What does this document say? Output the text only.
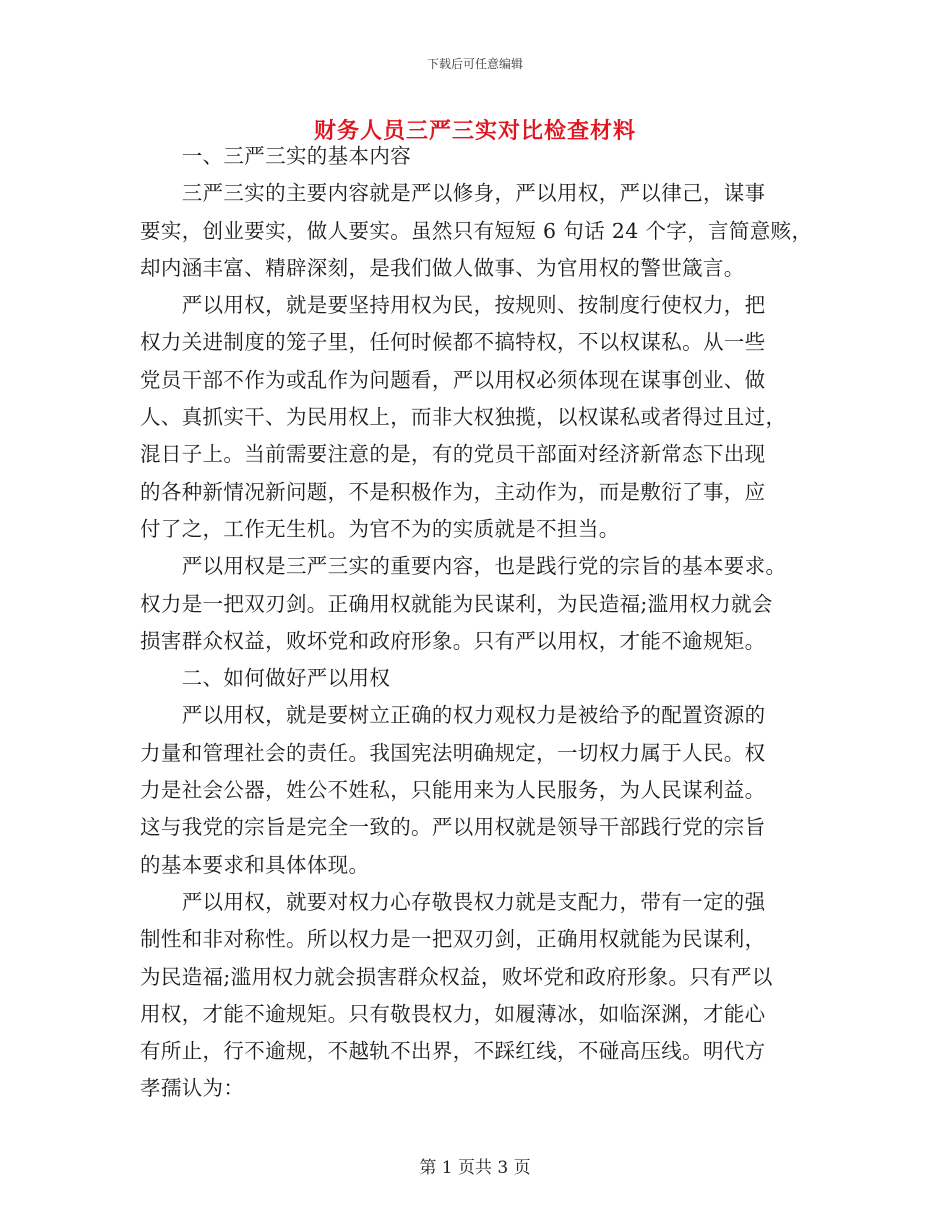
下载后可任意编辑
财务人员三严三实对比检查材料
　　一、三严三实的基本内容
　　三严三实的主要内容就是严以修身，严以用权，严以律己，谋事
要实，创业要实，做人要实。虽然只有短短 6 句话 24 个字，言简意赅，
却内涵丰富、精辟深刻，是我们做人做事、为官用权的警世箴言。
　　严以用权，就是要坚持用权为民，按规则、按制度行使权力，把
权力关进制度的笼子里，任何时候都不搞特权，不以权谋私。从一些
党员干部不作为或乱作为问题看，严以用权必须体现在谋事创业、做
人、真抓实干、为民用权上，而非大权独揽，以权谋私或者得过且过，
混日子上。当前需要注意的是，有的党员干部面对经济新常态下出现
的各种新情况新问题，不是积极作为，主动作为，而是敷衍了事，应
付了之，工作无生机。为官不为的实质就是不担当。
　　严以用权是三严三实的重要内容，也是践行党的宗旨的基本要求。
权力是一把双刃剑。正确用权就能为民谋利，为民造福;滥用权力就会
损害群众权益，败坏党和政府形象。只有严以用权，才能不逾规矩。
　　二、如何做好严以用权
　　严以用权，就是要树立正确的权力观权力是被给予的配置资源的
力量和管理社会的责任。我国宪法明确规定，一切权力属于人民。权
力是社会公器，姓公不姓私，只能用来为人民服务，为人民谋利益。
这与我党的宗旨是完全一致的。严以用权就是领导干部践行党的宗旨
的基本要求和具体体现。
　　严以用权，就要对权力心存敬畏权力就是支配力，带有一定的强
制性和非对称性。所以权力是一把双刃剑，正确用权就能为民谋利，
为民造福;滥用权力就会损害群众权益，败坏党和政府形象。只有严以
用权，才能不逾规矩。只有敬畏权力，如履薄冰，如临深渊，才能心
有所止，行不逾规，不越轨不出界，不踩红线，不碰高压线。明代方
孝孺认为：
第 1 页共 3 页
